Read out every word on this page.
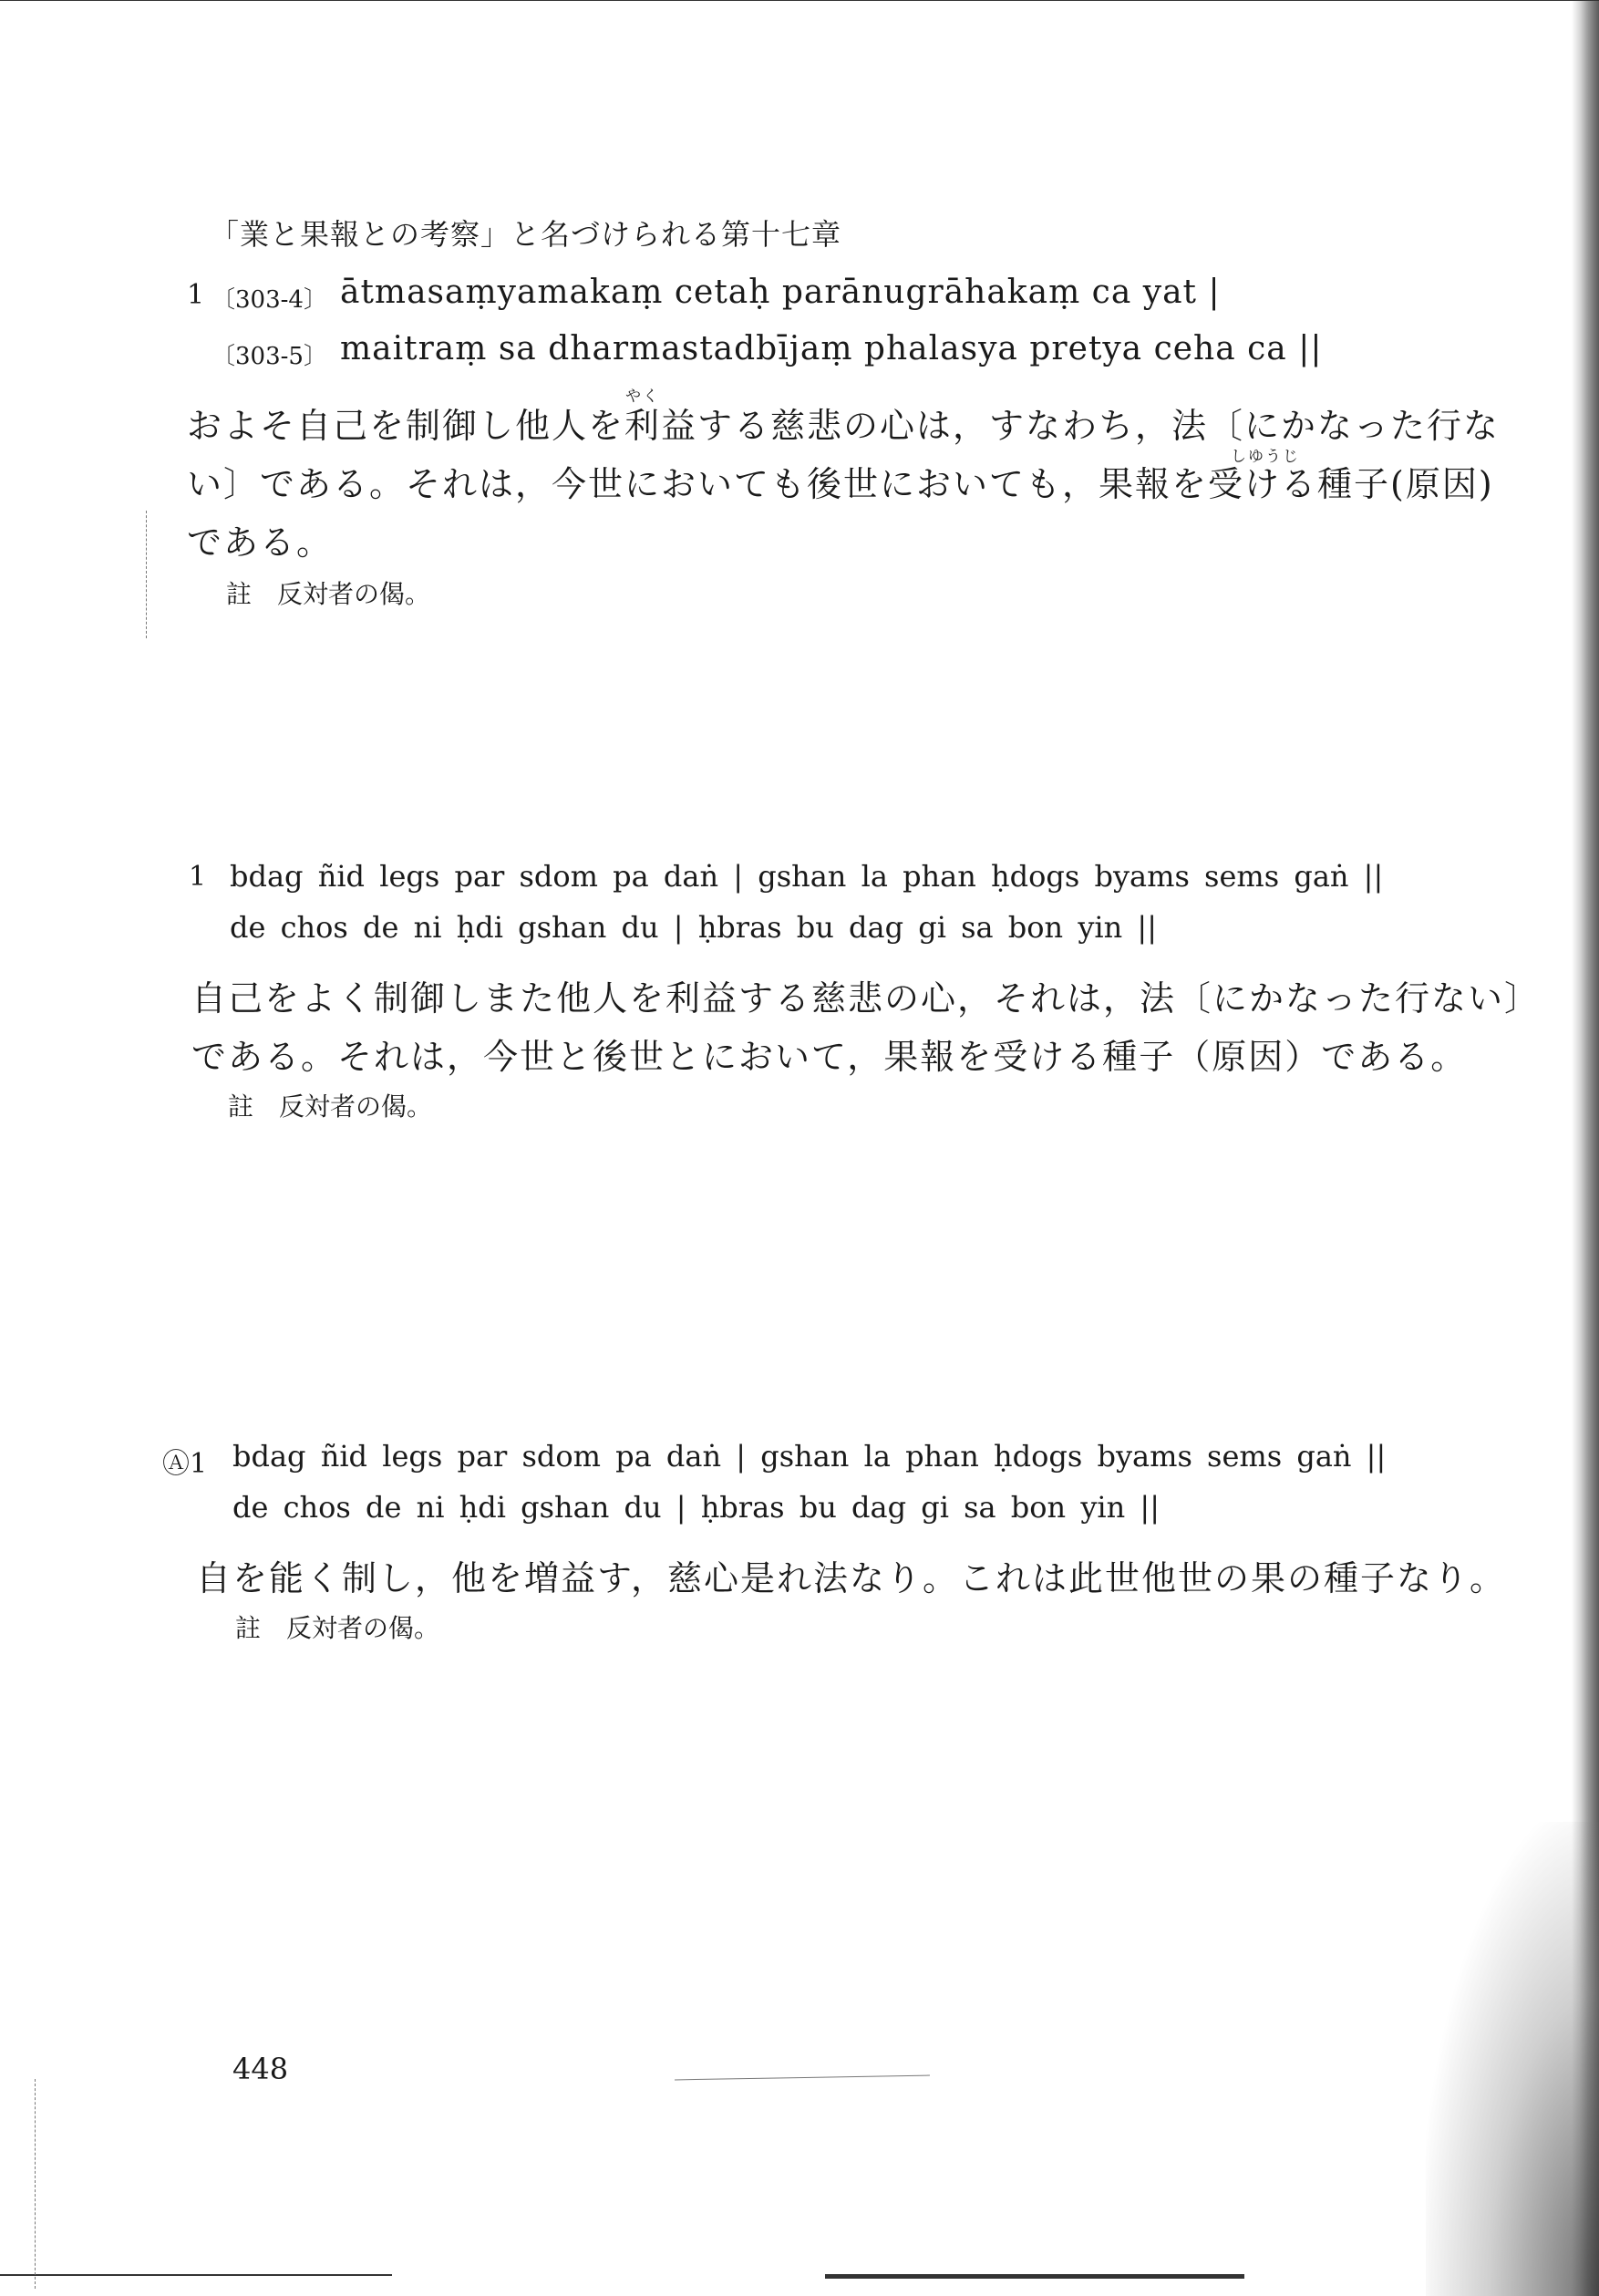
「業と果報との考察」と名づけられる第十七章
1 〔303-4〕 ātmasaṃyamakaṃ cetaḥ parānugrāhakaṃ ca yat |
〔303-5〕 maitraṃ sa dharmastadbījaṃ phalasya pretya ceha ca ||
やく
およそ自己を制御し他人を利益する慈悲の心は，すなわち，法〔にかなった行な
しゆうじ
い〕である。それは，今世においても後世においても，果報を受ける種子(原因)
である。
註　反対者の偈。
1 bdag ñid legs par sdom pa daṅ | gshan la phan ḥdogs byams sems gaṅ ||
de chos de ni ḥdi gshan du | ḥbras bu dag gi sa bon yin ||
自己をよく制御しまた他人を利益する慈悲の心，それは，法〔にかなった行ない〕
である。それは，今世と後世とにおいて，果報を受ける種子（原因）である。
註　反対者の偈。
Ⓐ1 bdag ñid legs par sdom pa daṅ | gshan la phan ḥdogs byams sems gaṅ ||
de chos de ni ḥdi gshan du | ḥbras bu dag gi sa bon yin ||
自を能く制し，他を増益す，慈心是れ法なり。これは此世他世の果の種子なり。
註　反対者の偈。
448
